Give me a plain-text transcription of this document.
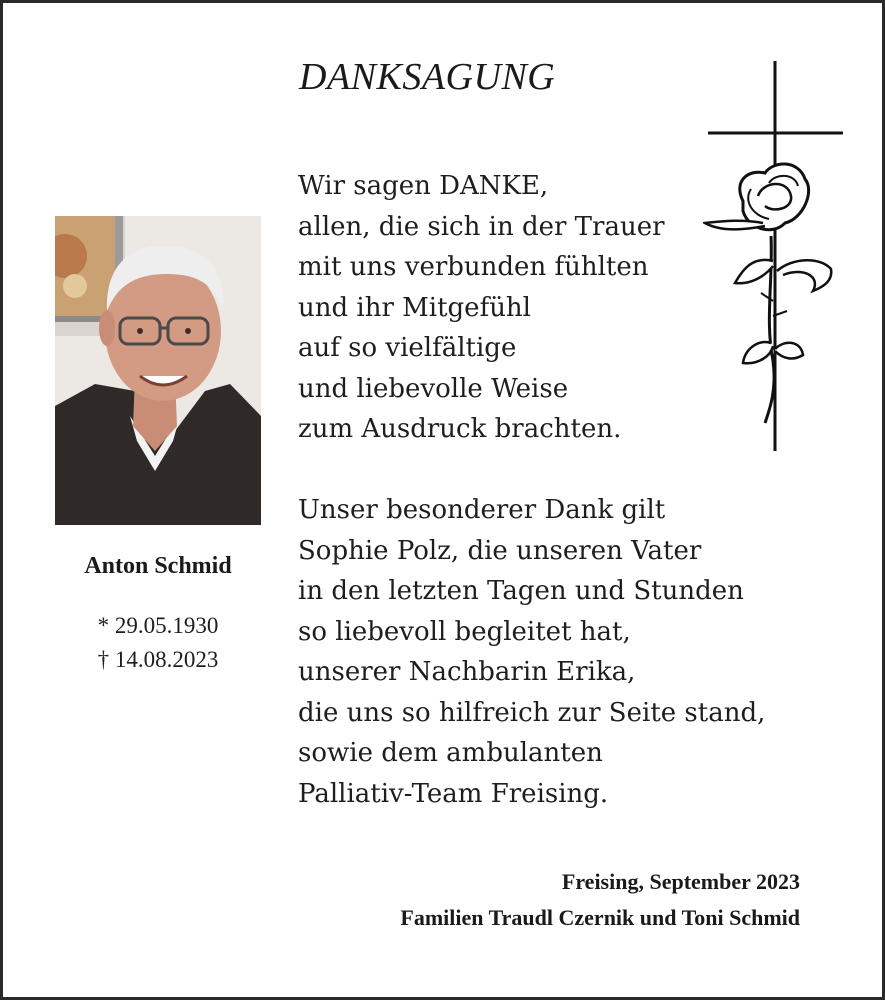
DANKSAGUNG
Anton Schmid
* 29.05.1930
† 14.08.2023
Wir sagen DANKE,
allen, die sich in der Trauer
mit uns verbunden fühlten
und ihr Mitgefühl
auf so vielfältige
und liebevolle Weise
zum Ausdruck brachten.
Unser besonderer Dank gilt
Sophie Polz, die unseren Vater
in den letzten Tagen und Stunden
so liebevoll begleitet hat,
unserer Nachbarin Erika,
die uns so hilfreich zur Seite stand,
sowie dem ambulanten
Palliativ-Team Freising.
Freising, September 2023
Familien Traudl Czernik und Toni Schmid
